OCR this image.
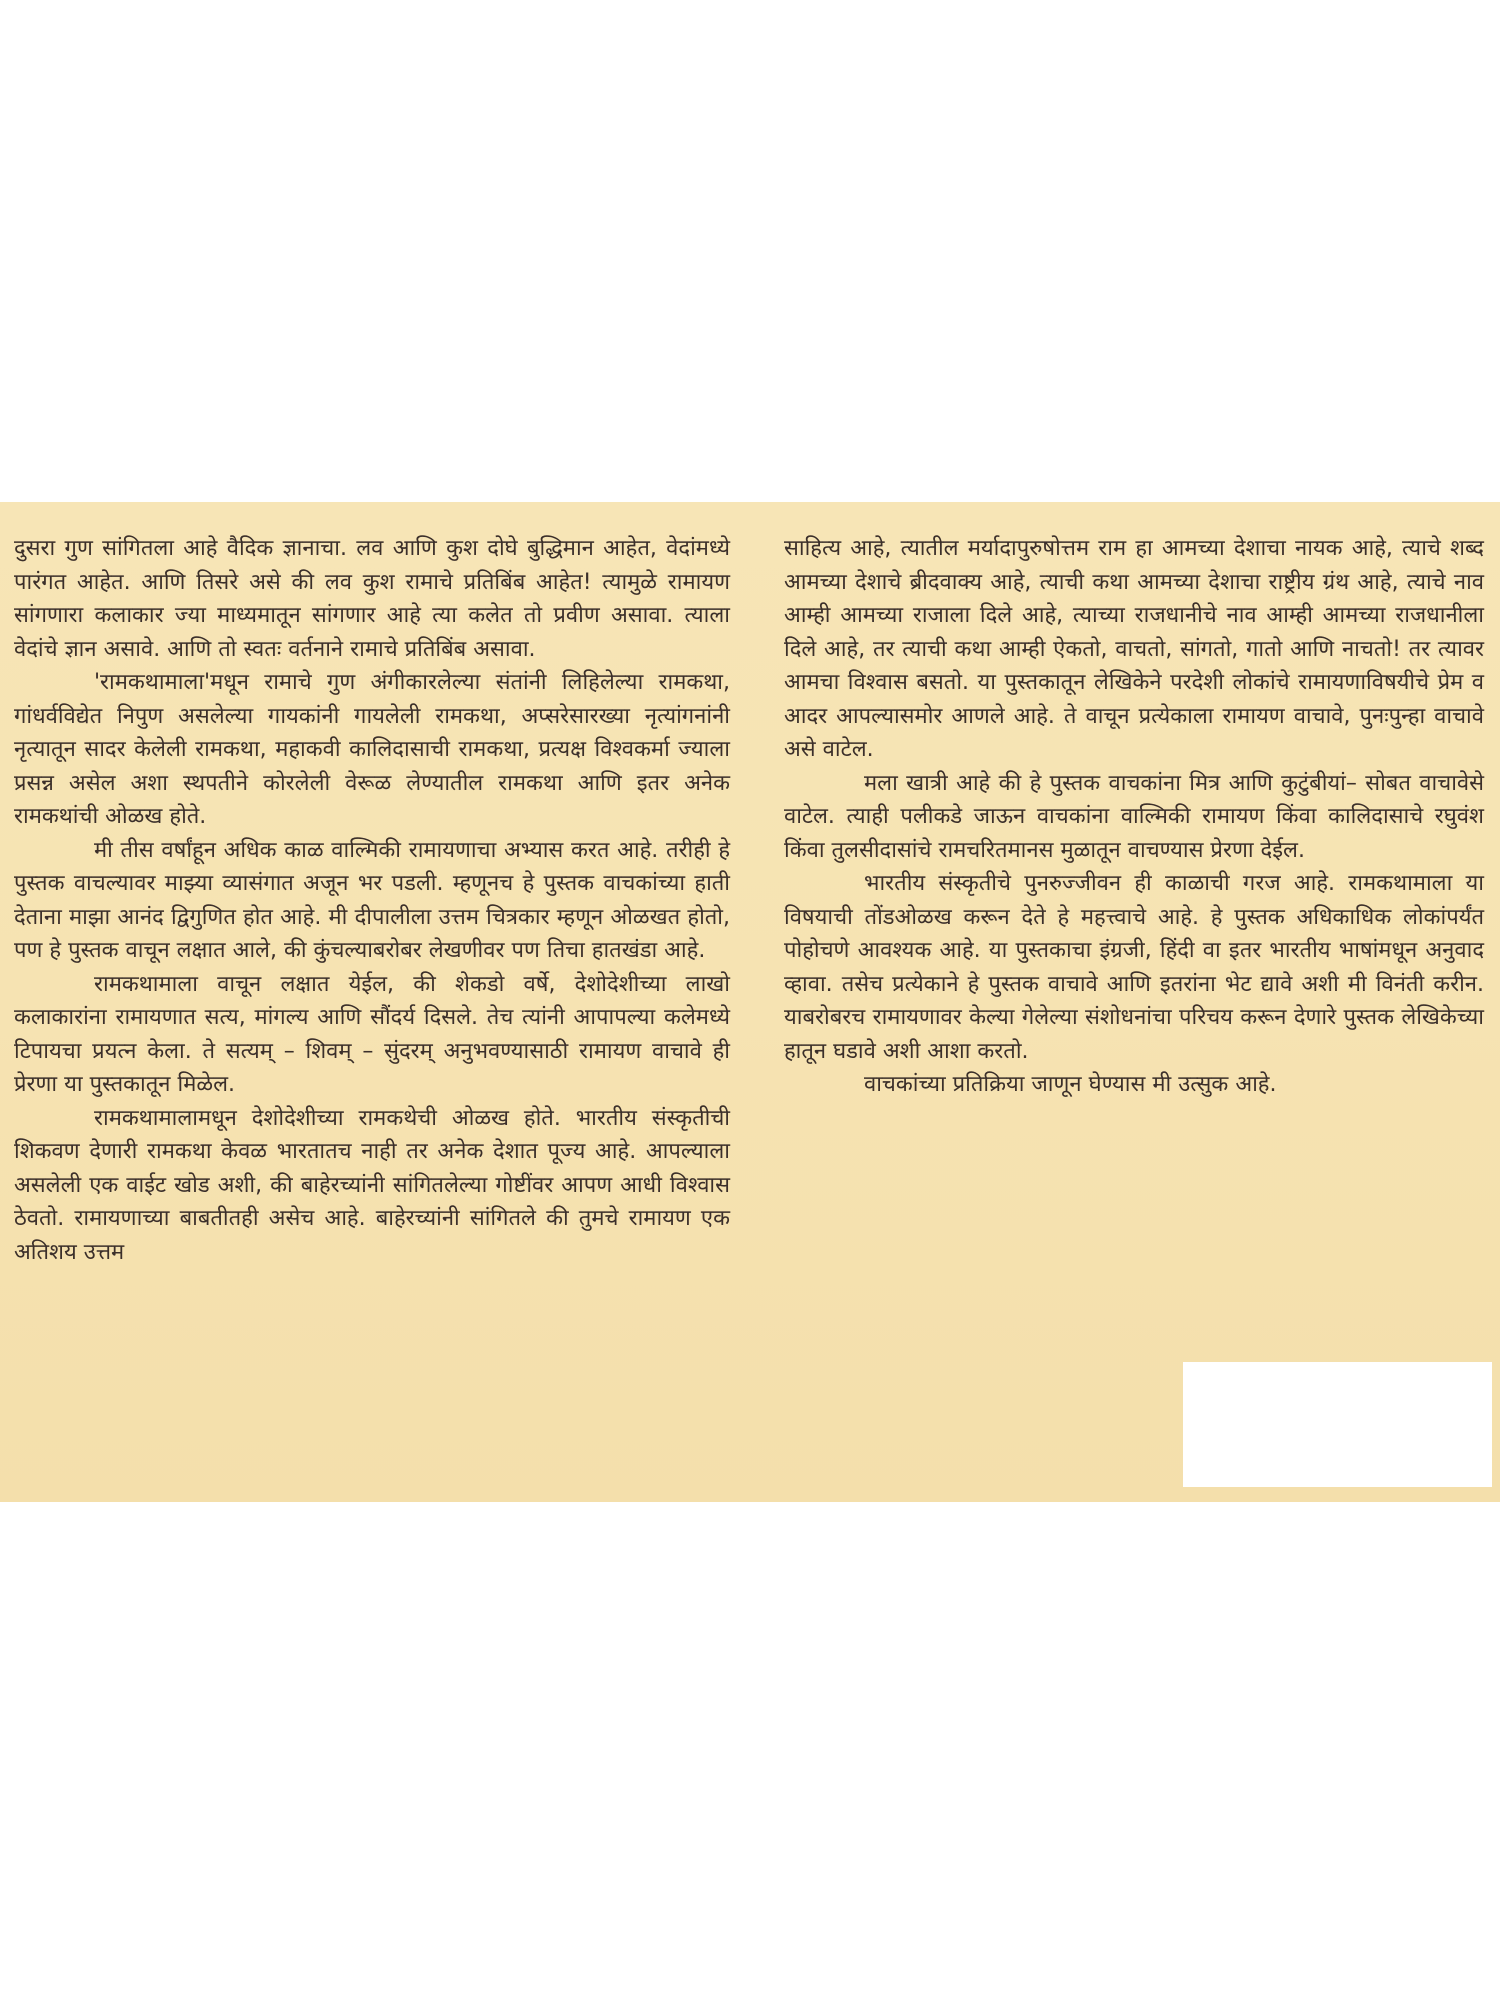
दुसरा गुण सांगितला आहे वैदिक ज्ञानाचा. लव आणि कुश दोघे बुद्धिमान आहेत, वेदांमध्ये पारंगत आहेत. आणि तिसरे असे की लव कुश रामाचे प्रतिबिंब आहेत! त्यामुळे रामायण सांगणारा कलाकार ज्या माध्यमातून सांगणार आहे त्या कलेत तो प्रवीण असावा. त्याला वेदांचे ज्ञान असावे. आणि तो स्वतः वर्तनाने रामाचे प्रतिबिंब असावा.

'रामकथामाला'मधून रामाचे गुण अंगीकारलेल्या संतांनी लिहिलेल्या रामकथा, गांधर्वविद्येत निपुण असलेल्या गायकांनी गायलेली रामकथा, अप्सरेसारख्या नृत्यांगनांनी नृत्यातून सादर केलेली रामकथा, महाकवी कालिदासाची रामकथा, प्रत्यक्ष विश्वकर्मा ज्याला प्रसन्न असेल अशा स्थपतीने कोरलेली वेरूळ लेण्यातील रामकथा आणि इतर अनेक रामकथांची ओळख होते.

मी तीस वर्षांहून अधिक काळ वाल्मिकी रामायणाचा अभ्यास करत आहे. तरीही हे पुस्तक वाचल्यावर माझ्या व्यासंगात अजून भर पडली. म्हणूनच हे पुस्तक वाचकांच्या हाती देताना माझा आनंद द्विगुणित होत आहे. मी दीपालीला उत्तम चित्रकार म्हणून ओळखत होतो, पण हे पुस्तक वाचून लक्षात आले, की कुंचल्याबरोबर लेखणीवर पण तिचा हातखंडा आहे.

रामकथामाला वाचून लक्षात येईल, की शेकडो वर्षे, देशोदेशीच्या लाखो कलाकारांना रामायणात सत्य, मांगल्य आणि सौंदर्य दिसले. तेच त्यांनी आपापल्या कलेमध्ये टिपायचा प्रयत्न केला. ते सत्यम् – शिवम् – सुंदरम् अनुभवण्यासाठी रामायण वाचावे ही प्रेरणा या पुस्तकातून मिळेल.

रामकथामालामधून देशोदेशीच्या रामकथेची ओळख होते. भारतीय संस्कृतीची शिकवण देणारी रामकथा केवळ भारतातच नाही तर अनेक देशात पूज्य आहे. आपल्याला असलेली एक वाईट खोड अशी, की बाहेरच्यांनी सांगितलेल्या गोष्टींवर आपण आधी विश्वास ठेवतो. रामायणाच्या बाबतीतही असेच आहे. बाहेरच्यांनी सांगितले की तुमचे रामायण एक अतिशय उत्तम

साहित्य आहे, त्यातील मर्यादापुरुषोत्तम राम हा आमच्या देशाचा नायक आहे, त्याचे शब्द आमच्या देशाचे ब्रीदवाक्य आहे, त्याची कथा आमच्या देशाचा राष्ट्रीय ग्रंथ आहे, त्याचे नाव आम्ही आमच्या राजाला दिले आहे, त्याच्या राजधानीचे नाव आम्ही आमच्या राजधानीला दिले आहे, तर त्याची कथा आम्ही ऐकतो, वाचतो, सांगतो, गातो आणि नाचतो! तर त्यावर आमचा विश्वास बसतो. या पुस्तकातून लेखिकेने परदेशी लोकांचे रामायणाविषयीचे प्रेम व आदर आपल्यासमोर आणले आहे. ते वाचून प्रत्येकाला रामायण वाचावे, पुनःपुन्हा वाचावे असे वाटेल.

मला खात्री आहे की हे पुस्तक वाचकांना मित्र आणि कुटुंबीयां– सोबत वाचावेसे वाटेल. त्याही पलीकडे जाऊन वाचकांना वाल्मिकी रामायण किंवा कालिदासाचे रघुवंश किंवा तुलसीदासांचे रामचरितमानस मुळातून वाचण्यास प्रेरणा देईल.

भारतीय संस्कृतीचे पुनरुज्जीवन ही काळाची गरज आहे. रामकथामाला या विषयाची तोंडओळख करून देते हे महत्त्वाचे आहे. हे पुस्तक अधिकाधिक लोकांपर्यंत पोहोचणे आवश्यक आहे. या पुस्तकाचा इंग्रजी, हिंदी वा इतर भारतीय भाषांमधून अनुवाद व्हावा. तसेच प्रत्येकाने हे पुस्तक वाचावे आणि इतरांना भेट द्यावे अशी मी विनंती करीन. याबरोबरच रामायणावर केल्या गेलेल्या संशोधनांचा परिचय करून देणारे पुस्तक लेखिकेच्या हातून घडावे अशी आशा करतो.

वाचकांच्या प्रतिक्रिया जाणून घेण्यास मी उत्सुक आहे.
